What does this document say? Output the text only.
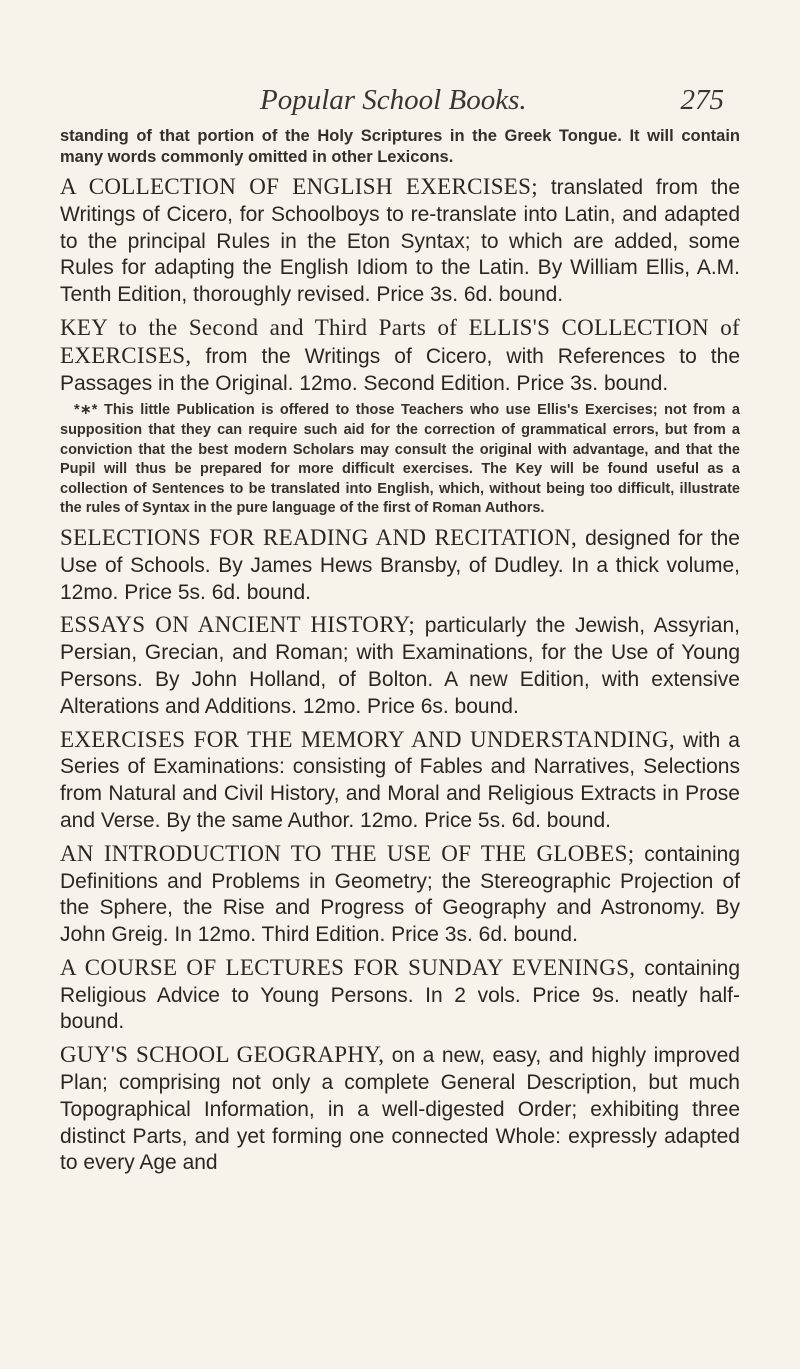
Popular School Books.	275

standing of that portion of the Holy Scriptures in the Greek Tongue. It will contain many words commonly omitted in other Lexicons.

A COLLECTION OF ENGLISH EXERCISES; translated from the Writings of Cicero, for Schoolboys to re-translate into Latin, and adapted to the principal Rules in the Eton Syntax; to which are added, some Rules for adapting the English Idiom to the Latin. By William Ellis, A.M. Tenth Edition, thoroughly revised. Price 3s. 6d. bound.

KEY to the Second and Third Parts of ELLIS'S COLLECTION of EXERCISES, from the Writings of Cicero, with References to the Passages in the Original. 12mo. Second Edition. Price 3s. bound.

*∗* This little Publication is offered to those Teachers who use Ellis's Exercises; not from a supposition that they can require such aid for the correction of grammatical errors, but from a conviction that the best modern Scholars may consult the original with advantage, and that the Pupil will thus be prepared for more difficult exercises. The Key will be found useful as a collection of Sentences to be translated into English, which, without being too difficult, illustrate the rules of Syntax in the pure language of the first of Roman Authors.

SELECTIONS FOR READING AND RECITATION, designed for the Use of Schools. By James Hews Bransby, of Dudley. In a thick volume, 12mo. Price 5s. 6d. bound.

ESSAYS ON ANCIENT HISTORY; particularly the Jewish, Assyrian, Persian, Grecian, and Roman; with Examinations, for the Use of Young Persons. By John Holland, of Bolton. A new Edition, with extensive Alterations and Additions. 12mo. Price 6s. bound.

EXERCISES FOR THE MEMORY AND UNDERSTANDING, with a Series of Examinations: consisting of Fables and Narratives, Selections from Natural and Civil History, and Moral and Religious Extracts in Prose and Verse. By the same Author. 12mo. Price 5s. 6d. bound.

AN INTRODUCTION TO THE USE OF THE GLOBES; containing Definitions and Problems in Geometry; the Stereographic Projection of the Sphere, the Rise and Progress of Geography and Astronomy. By John Greig. In 12mo. Third Edition. Price 3s. 6d. bound.

A COURSE OF LECTURES FOR SUNDAY EVENINGS, containing Religious Advice to Young Persons. In 2 vols. Price 9s. neatly half-bound.

GUY'S SCHOOL GEOGRAPHY, on a new, easy, and highly improved Plan; comprising not only a complete General Description, but much Topographical Information, in a well-digested Order; exhibiting three distinct Parts, and yet forming one connected Whole: expressly adapted to every Age and
